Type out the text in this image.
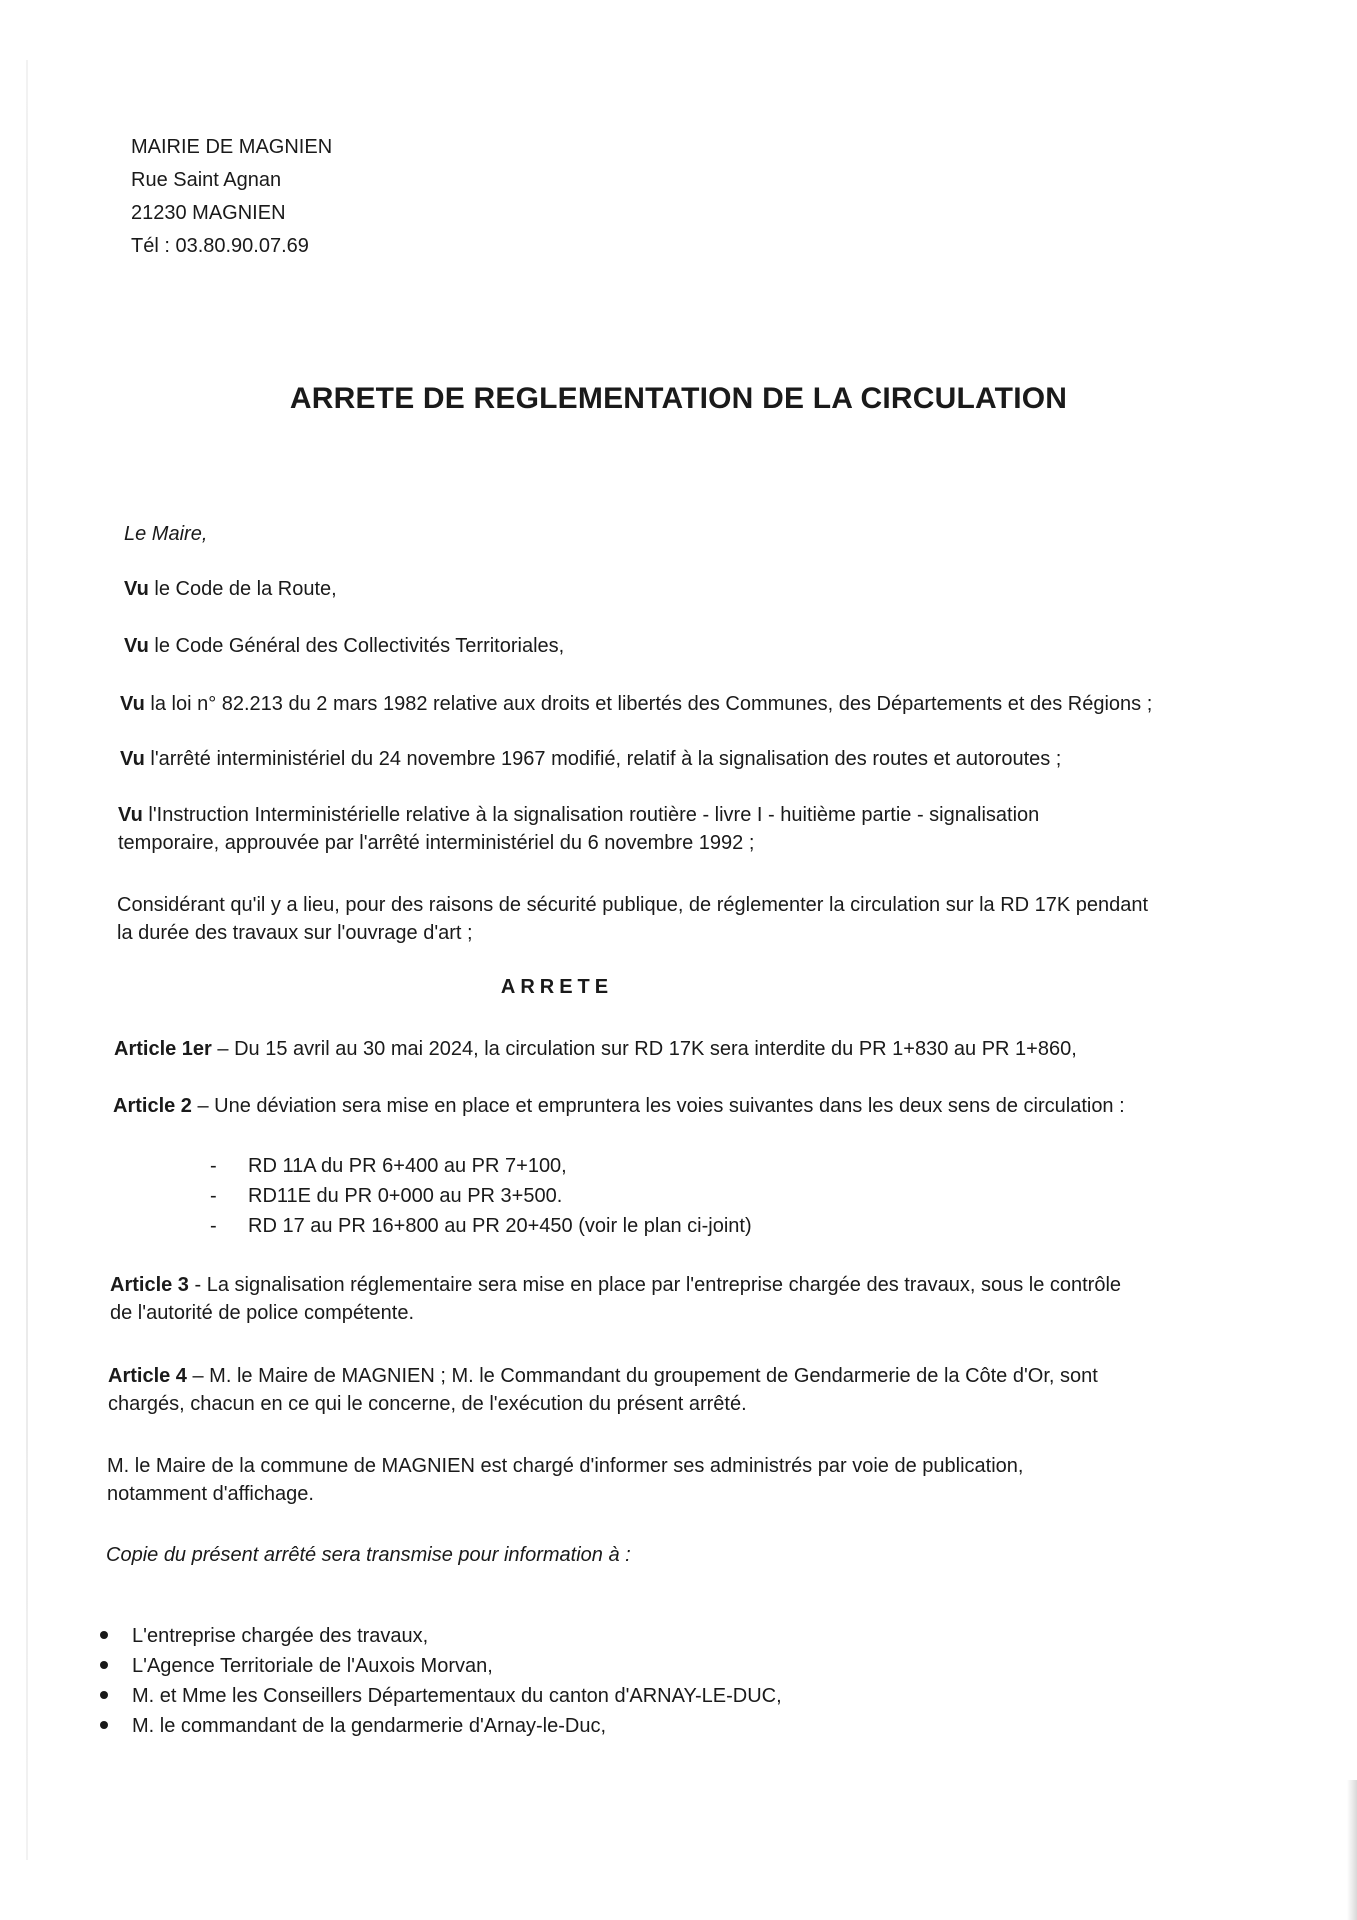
MAIRIE DE MAGNIEN
Rue Saint Agnan
21230 MAGNIEN
Tél : 03.80.90.07.69
ARRETE DE REGLEMENTATION DE LA CIRCULATION
Le Maire,
Vu le Code de la Route,
Vu le Code Général des Collectivités Territoriales,
Vu la loi n° 82.213 du 2 mars 1982 relative aux droits et libertés des Communes, des Départements et des Régions ;
Vu l'arrêté interministériel du 24 novembre 1967 modifié, relatif à la signalisation des routes et autoroutes ;
Vu l'Instruction Interministérielle relative à la signalisation routière - livre I - huitième partie - signalisation
temporaire, approuvée par l'arrêté interministériel du 6 novembre 1992 ;
Considérant qu'il y a lieu, pour des raisons de sécurité publique, de réglementer la circulation sur la RD 17K pendant
la durée des travaux sur l'ouvrage d'art ;
ARRETE
Article 1er – Du 15 avril au 30 mai 2024, la circulation sur RD 17K sera interdite du PR 1+830 au PR 1+860,
Article 2 – Une déviation sera mise en place et empruntera les voies suivantes dans les deux sens de circulation :
- RD 11A du PR 6+400 au PR 7+100,
- RD11E du PR 0+000 au PR 3+500.
- RD 17 au PR 16+800 au PR 20+450 (voir le plan ci-joint)
Article 3 - La signalisation réglementaire sera mise en place par l'entreprise chargée des travaux, sous le contrôle
de l'autorité de police compétente.
Article 4 – M. le Maire de MAGNIEN ; M. le Commandant du groupement de Gendarmerie de la Côte d'Or, sont
chargés, chacun en ce qui le concerne, de l'exécution du présent arrêté.
M. le Maire de la commune de MAGNIEN est chargé d'informer ses administrés par voie de publication,
notamment d'affichage.
Copie du présent arrêté sera transmise pour information à :
L'entreprise chargée des travaux,
L'Agence Territoriale de l'Auxois Morvan,
M. et Mme les Conseillers Départementaux du canton d'ARNAY-LE-DUC,
M. le commandant de la gendarmerie d'Arnay-le-Duc,
